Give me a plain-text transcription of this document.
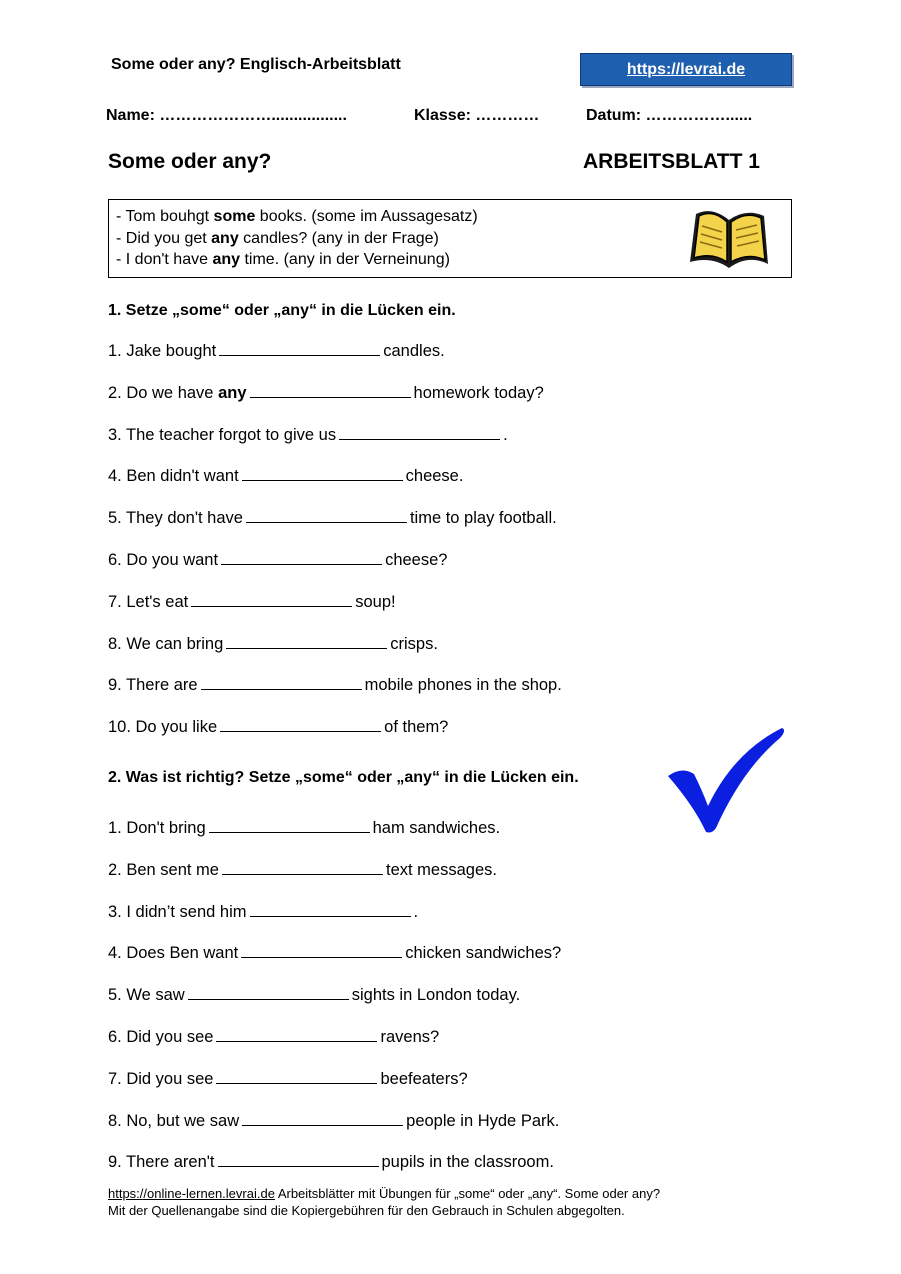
Some oder any? Englisch-Arbeitsblatt	https://levrai.de
Name: ………………….................	Klasse: …………	Datum: ……………......
Some oder any?	ARBEITSBLATT 1
- Tom bouhgt some books. (some im Aussagesatz)
- Did you get any candles? (any in der Frage)
- I don't have any time. (any in der Verneinung)
1. Setze „some“ oder „any“ in die Lücken ein.
1. Jake bought	candles.
2. Do we have any	homework today?
3. The teacher forgot to give us	.
4. Ben didn't want	cheese.
5. They don't have	time to play football.
6. Do you want	cheese?
7. Let's eat	soup!
8. We can bring	crisps.
9. There are	mobile phones in the shop.
10. Do you like	of them?
2. Was ist richtig? Setze „some“ oder „any“ in die Lücken ein.
1. Don't bring	ham sandwiches.
2. Ben sent me	text messages.
3. I didn’t send him	.
4. Does Ben want	chicken sandwiches?
5. We saw	sights in London today.
6. Did you see	ravens?
7. Did you see	beefeaters?
8. No, but we saw	people in Hyde Park.
9. There aren't	pupils in the classroom.
https://online-lernen.levrai.de Arbeitsblätter mit Übungen für „some“ oder „any“. Some oder any?
Mit der Quellenangabe sind die Kopiergebühren für den Gebrauch in Schulen abgegolten.
